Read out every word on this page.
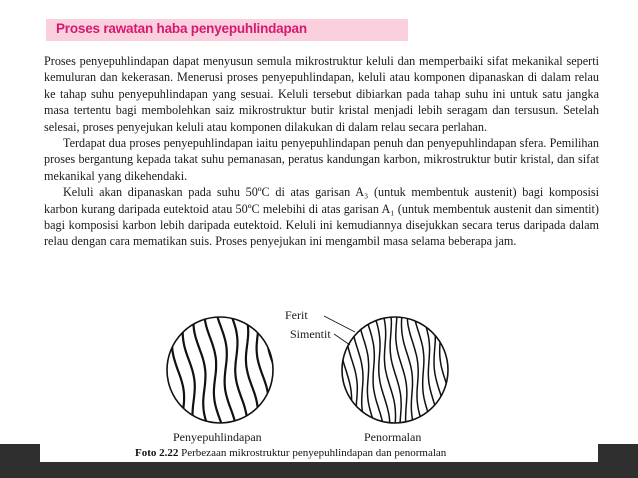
Proses rawatan haba penyepuhlindapan

Proses penyepuhlindapan dapat menyusun semula mikrostruktur keluli dan memperbaiki sifat mekanikal seperti kemuluran dan kekerasan. Menerusi proses penyepuhlindapan, keluli atau komponen dipanaskan di dalam relau ke tahap suhu penyepuhlindapan yang sesuai. Keluli tersebut dibiarkan pada tahap suhu ini untuk satu jangka masa tertentu bagi membolehkan saiz mikrostruktur butir kristal menjadi lebih seragam dan tersusun. Setelah selesai, proses penyejukan keluli atau komponen dilakukan di dalam relau secara perlahan.

Terdapat dua proses penyepuhlindapan iaitu penyepuhlindapan penuh dan penyepuhlindapan sfera. Pemilihan proses bergantung kepada takat suhu pemanasan, peratus kandungan karbon, mikrostruktur butir kristal, dan sifat mekanikal yang dikehendaki.

Keluli akan dipanaskan pada suhu 50ºC di atas garisan A₃ (untuk membentuk austenit) bagi komposisi karbon kurang daripada eutektoid atau 50ºC melebihi di atas garisan A₁ (untuk membentuk austenit dan simentit) bagi komposisi karbon lebih daripada eutektoid. Keluli ini kemudiannya disejukkan secara terus daripada dalam relau dengan cara mematikan suis. Proses penyejukan ini mengambil masa selama beberapa jam.

Ferit
Simentit
Penyepuhlindapan	Penormalan
Foto 2.22 Perbezaan mikrostruktur penyepuhlindapan dan penormalan
